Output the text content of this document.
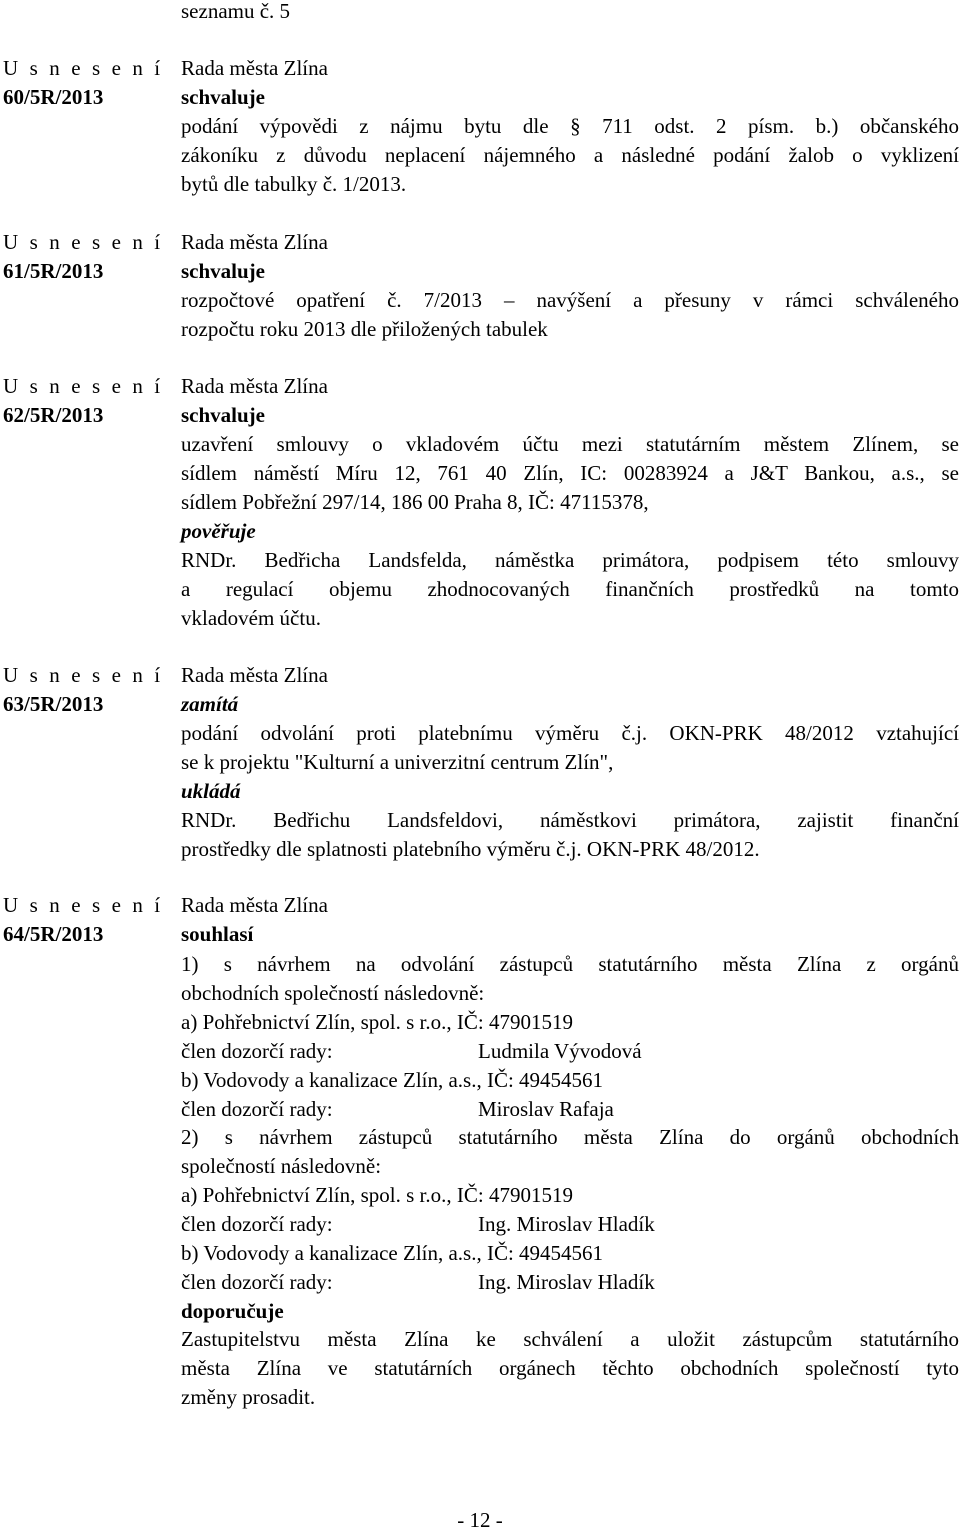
seznamu č. 5
U s n e s e n í
60/5R/2013
Rada města Zlína
schvaluje
podání výpovědi z nájmu bytu dle § 711 odst. 2 písm. b.) občanského
zákoníku z důvodu neplacení nájemného a následné podání žalob o vyklizení
bytů dle tabulky č. 1/2013.
U s n e s e n í
61/5R/2013
Rada města Zlína
schvaluje
rozpočtové opatření č. 7/2013 – navýšení a přesuny v rámci schváleného
rozpočtu roku 2013 dle přiložených tabulek
U s n e s e n í
62/5R/2013
Rada města Zlína
schvaluje
uzavření smlouvy o vkladovém účtu mezi statutárním městem Zlínem, se
sídlem náměstí Míru 12, 761 40 Zlín, IC: 00283924 a J&T Bankou, a.s., se
sídlem Pobřežní 297/14, 186 00 Praha 8, IČ: 47115378,
pověřuje
RNDr. Bedřicha Landsfelda, náměstka primátora, podpisem této smlouvy
a regulací objemu zhodnocovaných finančních prostředků na tomto
vkladovém účtu.
U s n e s e n í
63/5R/2013
Rada města Zlína
zamítá
podání odvolání proti platebnímu výměru č.j. OKN-PRK 48/2012 vztahující
se k projektu "Kulturní a univerzitní centrum Zlín",
ukládá
RNDr. Bedřichu Landsfeldovi, náměstkovi primátora, zajistit finanční
prostředky dle splatnosti platebního výměru č.j. OKN-PRK 48/2012.
U s n e s e n í
64/5R/2013
Rada města Zlína
souhlasí
1) s návrhem na odvolání zástupců statutárního města Zlína z orgánů
obchodních společností následovně:
a) Pohřebnictví Zlín, spol. s r.o., IČ: 47901519
člen dozorčí rady:	Ludmila Vývodová
b) Vodovody a kanalizace Zlín, a.s., IČ: 49454561
člen dozorčí rady:	Miroslav Rafaja
2) s návrhem zástupců statutárního města Zlína do orgánů obchodních
společností následovně:
a) Pohřebnictví Zlín, spol. s r.o., IČ: 47901519
člen dozorčí rady:	Ing. Miroslav Hladík
b) Vodovody a kanalizace Zlín, a.s., IČ: 49454561
člen dozorčí rady:	Ing. Miroslav Hladík
doporučuje
Zastupitelstvu města Zlína ke schválení a uložit zástupcům statutárního
města Zlína ve statutárních orgánech těchto obchodních společností tyto
změny prosadit.
- 12 -
